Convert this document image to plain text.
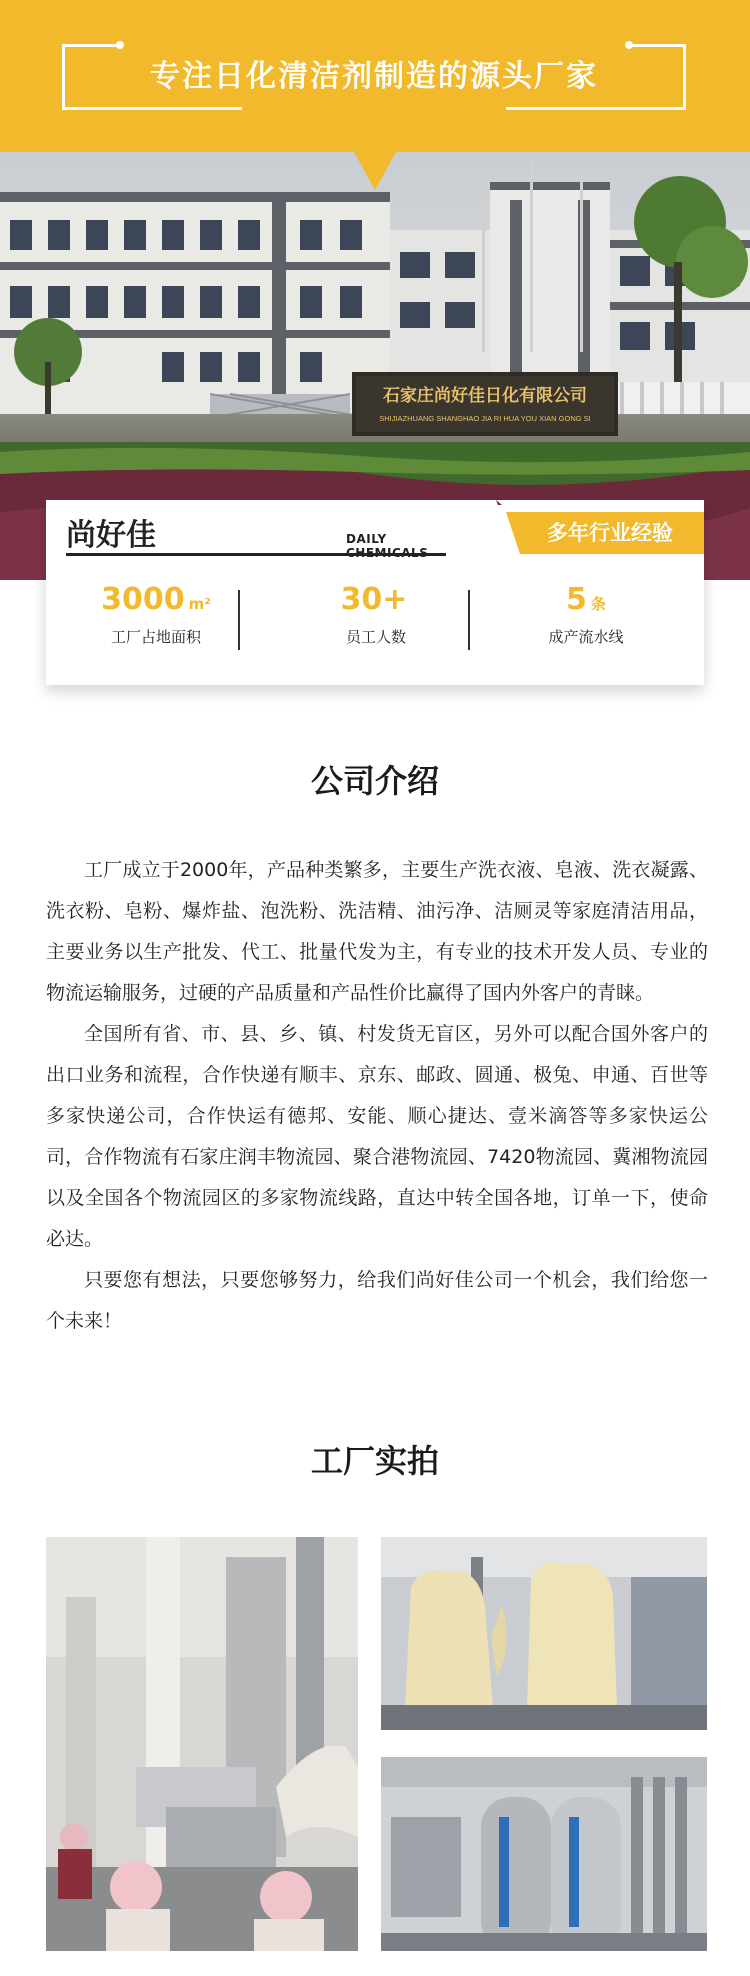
专注日化清洁剂制造的源头厂家
石家庄尚好佳日化有限公司
SHIJIAZHUANG SHANGHAO JIA RI HUA YOU XIAN GONG SI
尚好佳	DAILY	多年行业经验
3000 m²
工厂占地面积
30+
员工人数
5 条
成产流水线
公司介绍

工厂成立于2000年，产品种类繁多，主要生产洗衣液、皂液、洗衣凝露、洗衣粉、皂粉、爆炸盐、泡洗粉、洗洁精、油污净、洁厕灵等家庭清洁用品，主要业务以生产批发、代工、批量代发为主，有专业的技术开发人员、专业的物流运输服务，过硬的产品质量和产品性价比赢得了国内外客户的青睐。

全国所有省、市、县、乡、镇、村发货无盲区，另外可以配合国外客户的出口业务和流程，合作快递有顺丰、京东、邮政、圆通、极兔、申通、百世等多家快递公司，合作快运有德邦、安能、顺心捷达、壹米滴答等多家快运公司，合作物流有石家庄润丰物流园、聚合港物流园、7420物流园、冀湘物流园以及全国各个物流园区的多家物流线路，直达中转全国各地，订单一下，使命必达。

只要您有想法，只要您够努力，给我们尚好佳公司一个机会，我们给您一个未来！

工厂实拍
